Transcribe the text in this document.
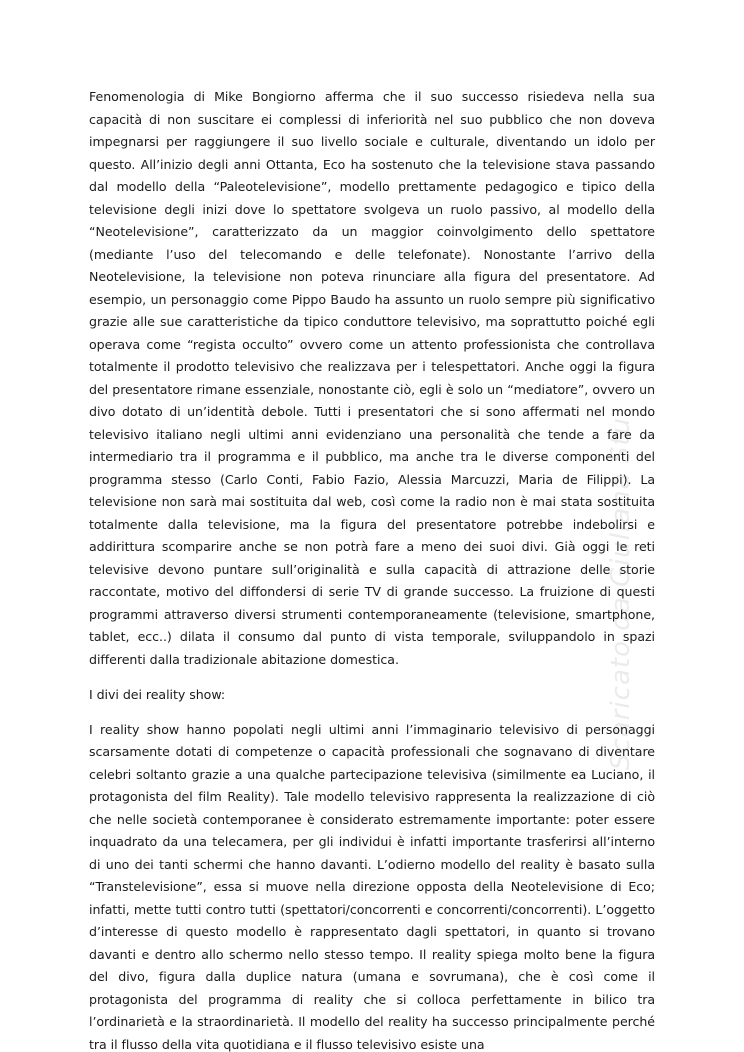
Fenomenologia di Mike Bongiorno afferma che il suo successo risiedeva nella sua capacità di non suscitare ei complessi di inferiorità nel suo pubblico che non doveva impegnarsi per raggiungere il suo livello sociale e culturale, diventando un idolo per questo. All’inizio degli anni Ottanta, Eco ha sostenuto che la televisione stava passando dal modello della “Paleotelevisione”, modello prettamente pedagogico e tipico della televisione degli inizi dove lo spettatore svolgeva un ruolo passivo, al modello della “Neotelevisione”, caratterizzato da un maggior coinvolgimento dello spettatore (mediante l’uso del telecomando e delle telefonate). Nonostante l’arrivo della Neotelevisione, la televisione non poteva rinunciare alla figura del presentatore. Ad esempio, un personaggio come Pippo Baudo ha assunto un ruolo sempre più significativo grazie alle sue caratteristiche da tipico conduttore televisivo, ma soprattutto poiché egli operava come “regista occulto” ovvero come un attento professionista che controllava totalmente il prodotto televisivo che realizzava per i telespettatori. Anche oggi la figura del presentatore rimane essenziale, nonostante ciò, egli è solo un “mediatore”, ovvero un divo dotato di un’identità debole. Tutti i presentatori che si sono affermati nel mondo televisivo italiano negli ultimi anni evidenziano una personalità che tende a fare da intermediario tra il programma e il pubblico, ma anche tra le diverse componenti del programma stesso (Carlo Conti, Fabio Fazio, Alessia Marcuzzi, Maria de Filippi). La televisione non sarà mai sostituita dal web, così come la radio non è mai stata sostituita totalmente dalla televisione, ma la figura del presentatore potrebbe indebolirsi e addirittura scomparire anche se non potrà fare a meno dei suoi divi. Già oggi le reti televisive devono puntare sull’originalità e sulla capacità di attrazione delle storie raccontate, motivo del diffondersi di serie TV di grande successo. La fruizione di questi programmi attraverso diversi strumenti contemporaneamente (televisione, smartphone, tablet, ecc..) dilata il consumo dal punto di vista temporale, sviluppandolo in spazi differenti dalla tradizionale abitazione domestica.

I divi dei reality show:

I reality show hanno popolati negli ultimi anni l’immaginario televisivo di personaggi scarsamente dotati di competenze o capacità professionali che sognavano di diventare celebri soltanto grazie a una qualche partecipazione televisiva (similmente ea Luciano, il protagonista del film Reality). Tale modello televisivo rappresenta la realizzazione di ciò che nelle società contemporanee è considerato estremamente importante: poter essere inquadrato da una telecamera, per gli individui è infatti importante trasferirsi all’interno di uno dei tanti schermi che hanno davanti. L’odierno modello del reality è basato sulla “Transtelevisione”, essa si muove nella direzione opposta della Neotelevisione di Eco; infatti, mette tutti contro tutti (spettatori/concorrenti e concorrenti/concorrenti). L’oggetto d’interesse di questo modello è rappresentato dagli spettatori, in quanto si trovano davanti e dentro allo schermo nello stesso tempo. Il reality spiega molto bene la figura del divo, figura dalla duplice natura (umana e sovrumana), che è così come il protagonista del programma di reality che si colloca perfettamente in bilico tra l’ordinarietà e la straordinarietà. Il modello del reality ha successo principalmente perché tra il flusso della vita quotidiana e il flusso televisivo esiste una

Scaricato da Giuliana Stu
